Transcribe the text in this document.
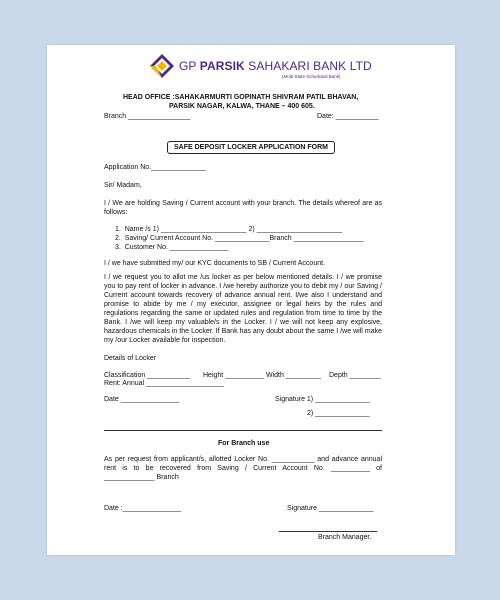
GP PARSIK SAHAKARI BANK LTD
(Multi-State Scheduled Bank)
HEAD OFFICE :SAHAKARMURTI GOPINATH SHIVRAM PATIL BHAVAN,
PARSIK NAGAR, KALWA, THANE – 400 605.
Branch ________________	Date: ___________
SAFE DEPOSIT LOCKER APPLICATION FORM
Application No.______________
Sir/ Madam,
I / We are holding Saving / Current account with your branch. The details whereof are as follows:
1. Name /s 1) ______________________ 2) ______________________
2. Saving/ Current Account No. ______________Branch __________________
3. Customer No. _______________
I / we have submitted my/ our KYC documents to SB / Current Account.
I / we request you to allot me /us locker as per below mentioned details. I / we promise you to pay rent of locker in advance. I /we hereby authorize you to debit my / our Saving / Current account towards recovery of advance annual rent. I/we also I understand and promise to abide by me / my executor, assignee or legal heirs by the rules and regulations regarding the same or updated rules and regulation from time to time by the Bank. I /we will keep my valuable/s in the Locker. I / we will not keep any explosive, hazardous chemicals in the Locker. If Bank has any doubt about the same I /we will make my /our Locker available for inspection.
Details of Locker
Classification ___________ Height __________ Width _________ Depth ________
Rent: Annual ____________________
Date _______________	Signature 1) ______________
2) ______________
For Branch use
As per request from applicant/s, allotted Locker No. ___________ and advance annual rent is to be recovered from Saving / Current Account No. __________ of _____________ Branch
Date :_______________	Signature ______________
Branch Manager.
